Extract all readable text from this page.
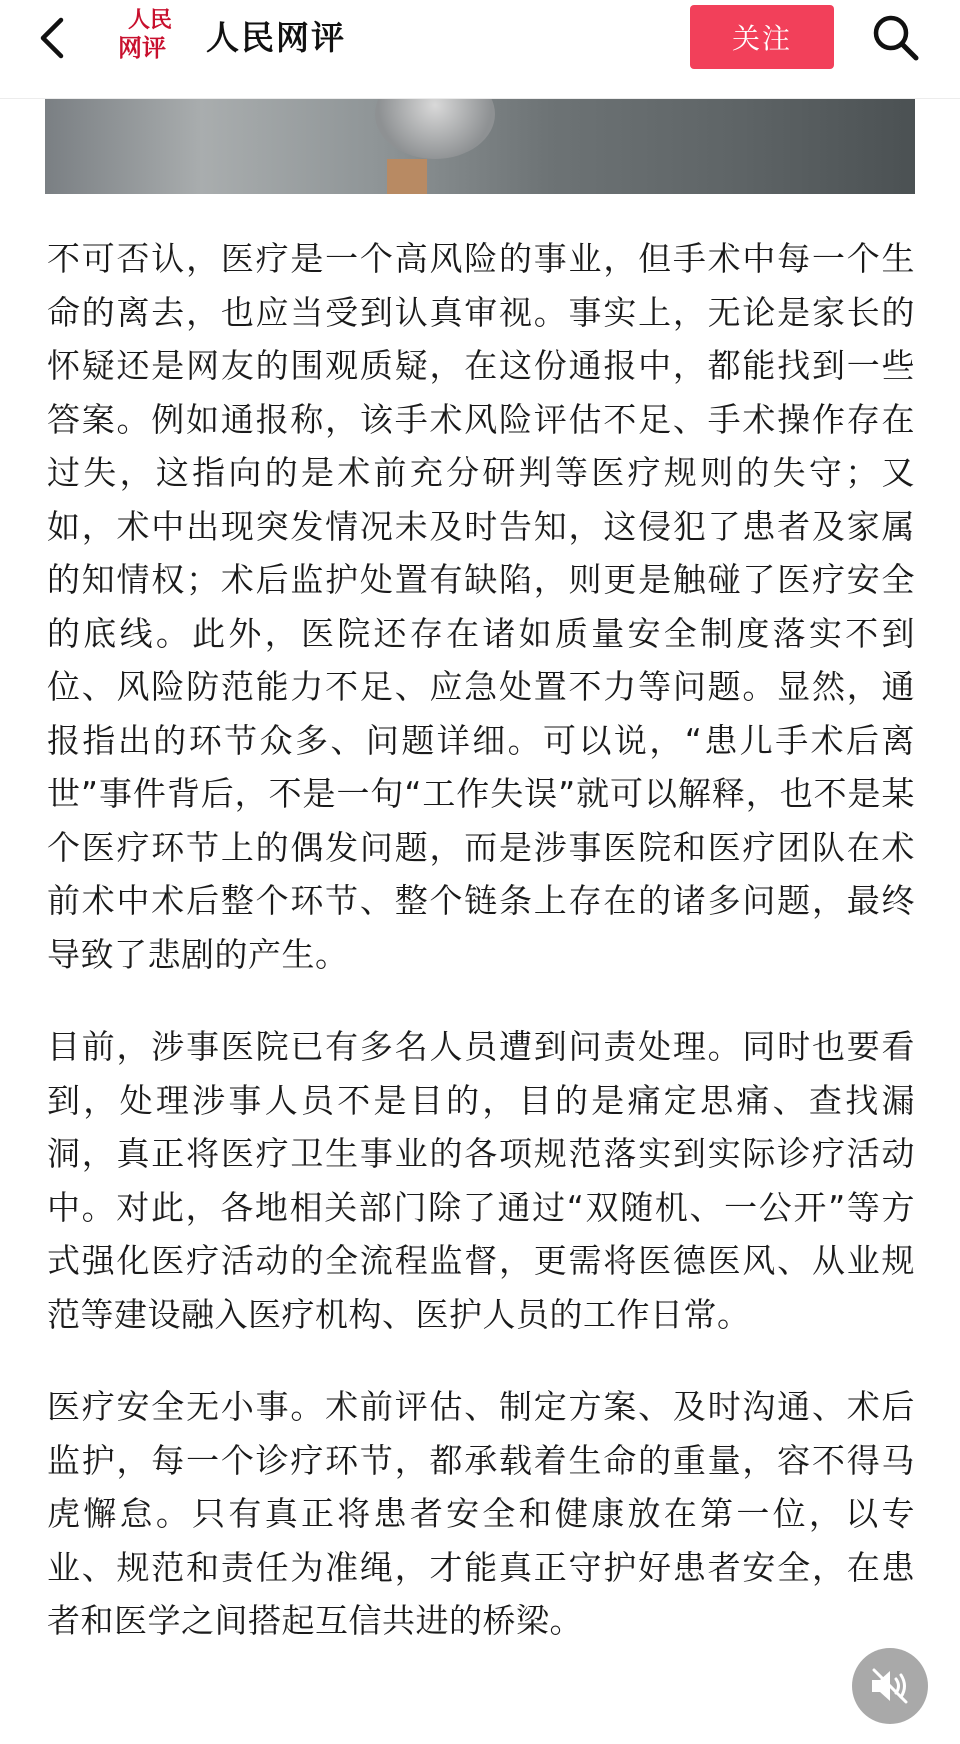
人民
网评 人民网评	关注

不可否认，医疗是一个高风险的事业，但手术中每一个生命的离去，也应当受到认真审视。事实上，无论是家长的怀疑还是网友的围观质疑，在这份通报中，都能找到一些答案。例如通报称，该手术风险评估不足、手术操作存在过失，这指向的是术前充分研判等医疗规则的失守；又如，术中出现突发情况未及时告知，这侵犯了患者及家属的知情权；术后监护处置有缺陷，则更是触碰了医疗安全的底线。此外，医院还存在诸如质量安全制度落实不到位、风险防范能力不足、应急处置不力等问题。显然，通报指出的环节众多、问题详细。可以说，“患儿手术后离世”事件背后，不是一句“工作失误”就可以解释，也不是某个医疗环节上的偶发问题，而是涉事医院和医疗团队在术前术中术后整个环节、整个链条上存在的诸多问题，最终导致了悲剧的产生。

目前，涉事医院已有多名人员遭到问责处理。同时也要看到，处理涉事人员不是目的，目的是痛定思痛、查找漏洞，真正将医疗卫生事业的各项规范落实到实际诊疗活动中。对此，各地相关部门除了通过“双随机、一公开”等方式强化医疗活动的全流程监督，更需将医德医风、从业规范等建设融入医疗机构、医护人员的工作日常。

医疗安全无小事。术前评估、制定方案、及时沟通、术后监护，每一个诊疗环节，都承载着生命的重量，容不得马虎懈怠。只有真正将患者安全和健康放在第一位，以专业、规范和责任为准绳，才能真正守护好患者安全，在患者和医学之间搭起互信共进的桥梁。
